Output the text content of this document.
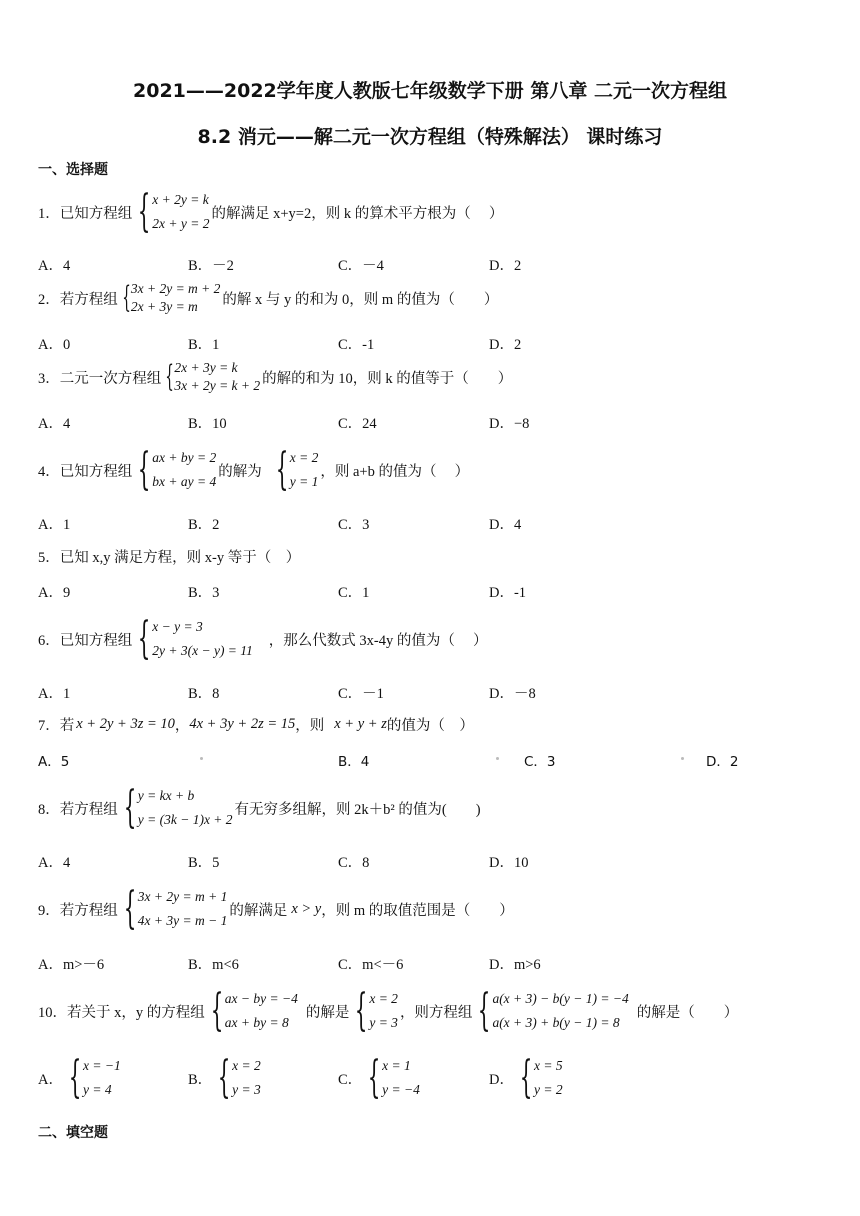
2021——2022学年度人教版七年级数学下册 第八章 二元一次方程组
8.2 消元——解二元一次方程组（特殊解法） 课时练习
一、选择题
1．已知方程组 { x + 2y = k
2x + y = 2
的解满足 x+y=2，则 k 的算术平方根为（　 ）
A．4	B．－2	C．－4	D．2
2．若方程组 { 3x + 2y = m + 2
2x + 3y = m	的解 x 与 y 的和为 0，则 m 的值为（　　）
A．0	B．1	C．-1	D．2
3．二元一次方程组 { 2x + 3y = k
3x + 2y = k + 2 的解的和为 10，则 k 的值等于（　　）
A．4	B．10	C．24	D．−8
4．已知方程组 { ax + by = 2
bx + ay = 4
的解为 { x = 2
y = 1
，则 a+b 的值为（　 ）
A．1	B．2	C．3	D．4
5．已知 x,y 满足方程，则 x-y 等于（　）
A．9	B．3	C．1	D．-1
6．已知方程组 { x − y = 3
2y + 3(x − y) = 11
，那么代数式 3x-4y 的值为（　 ）
A．1	B．8	C．－1	D．－8
7．若 x + 2y + 3z = 10 ， 4x + 3y + 2z = 15 ，则 x + y + z 的值为（　）
A．5	B．4	C．3	D．2
8．若方程组 { y = kx + b
y = (3k − 1)x + 2
有无穷多组解，则 2k＋b² 的值为(　　)
A．4	B．5	C．8	D．10
9．若方程组 { 3x + 2y = m + 1
4x + 3y = m − 1
的解满足 x > y ，则 m 的取值范围是（　　）
A．m>－6	B．m<6	C．m<－6	D．m>6
10．若关于 x，y 的方程组 { ax − by = −4
ax + by = 8
的解是 { x = 2
y = 3
，则方程组 { a(x + 3) − b(y − 1) = −4
a(x + 3) + b(y − 1) = 8
的解是（　　）
A． { x = −1
y = 4
B． { x = 2
y = 3
C． { x = 1
y = −4
D． { x = 5
y = 2
二、填空题
